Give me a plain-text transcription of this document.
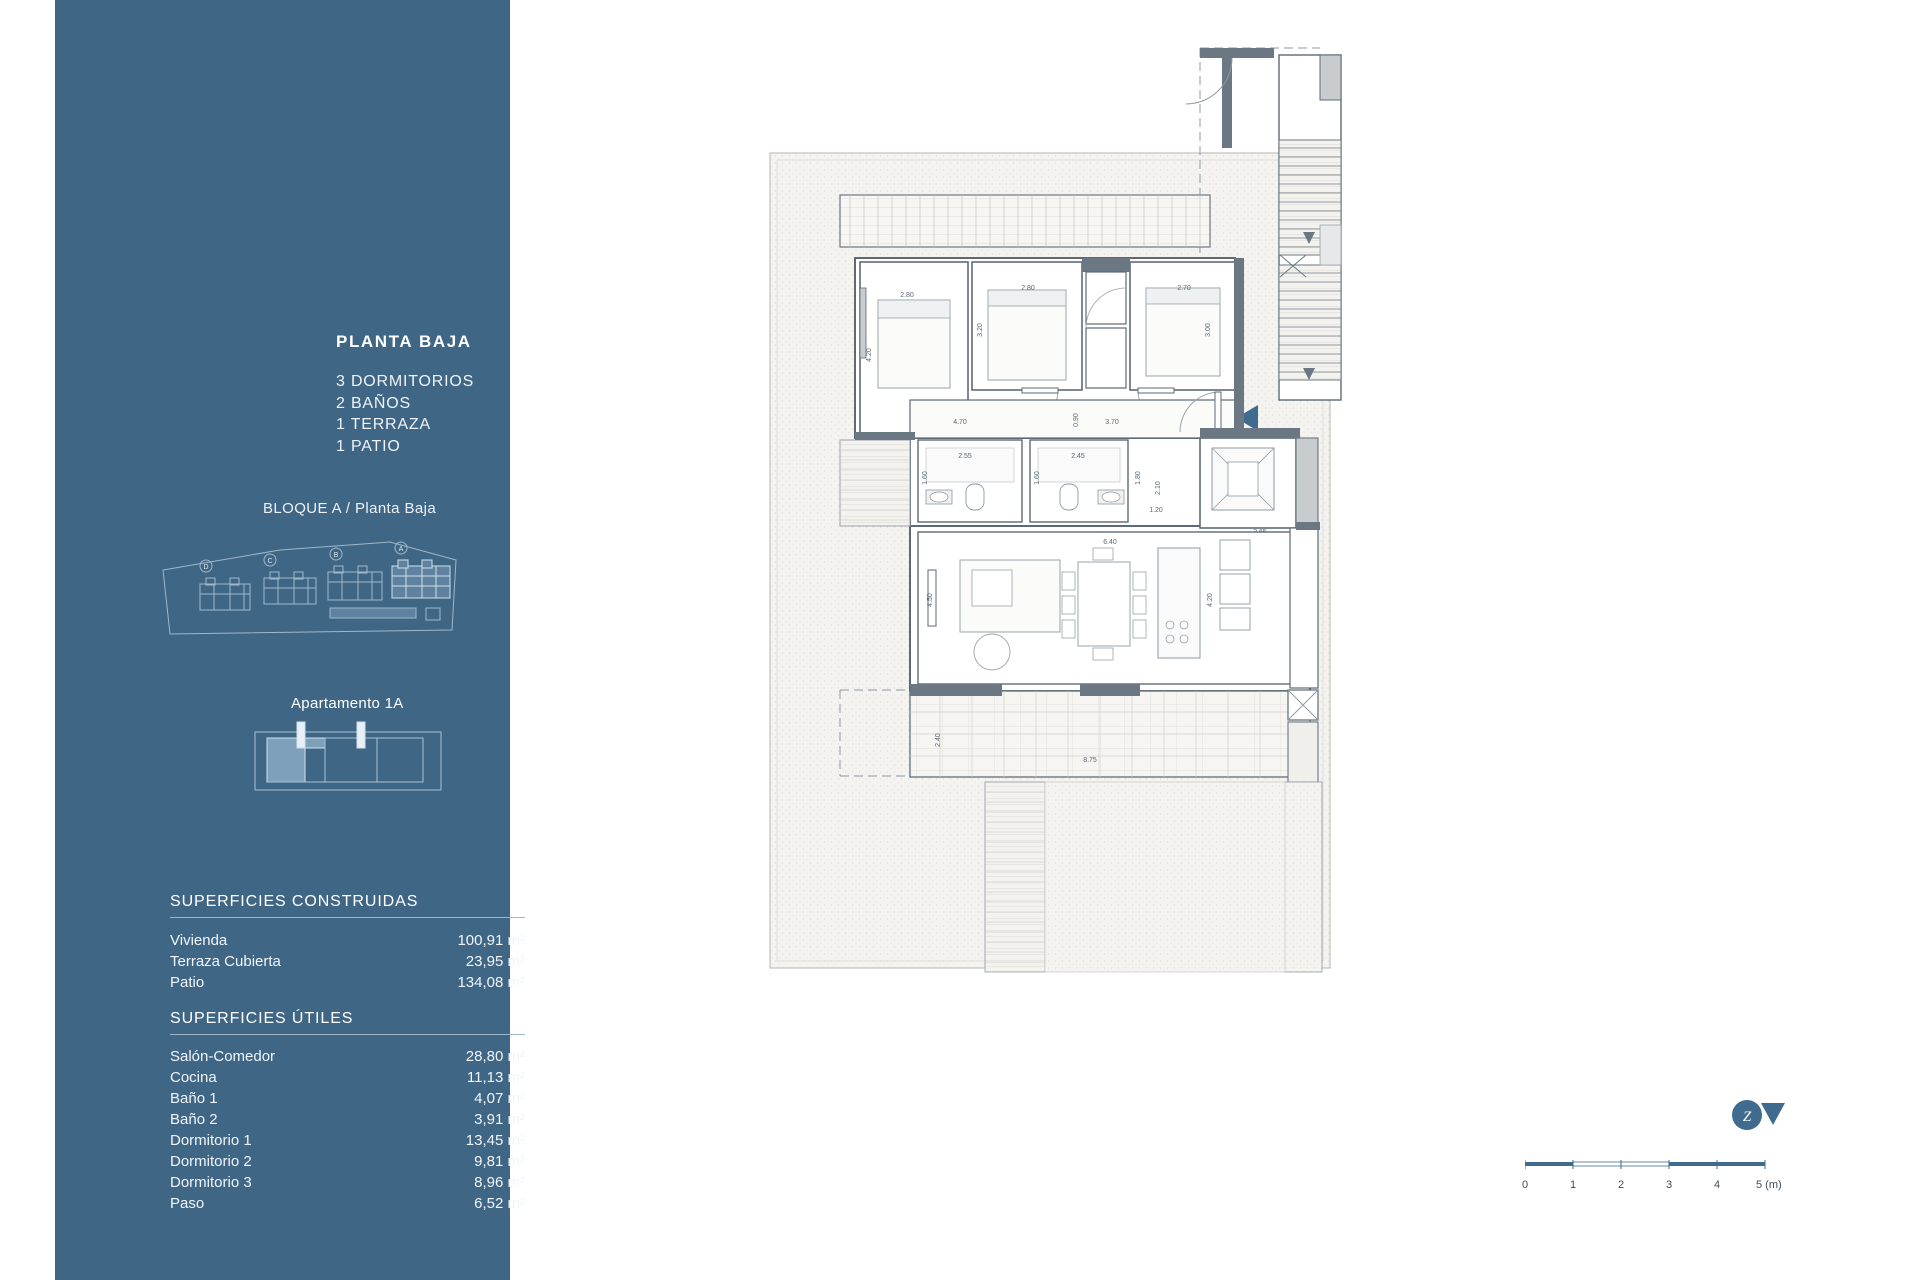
PLANTA BAJA
3 DORMITORIOS
2 BAÑOS
1 TERRAZA
1 PATIO
BLOQUE A / Planta Baja
D
C
B
A
Apartamento 1A
SUPERFICIES CONSTRUIDAS
Vivienda	100,91 m²
Terraza Cubierta	23,95 m²
Patio	134,08 m²
SUPERFICIES ÚTILES
Salón-Comedor	28,80 m²
Cocina	11,13 m²
Baño 1	4,07 m²
Baño 2	3,91 m²
Dormitorio 1	13,45 m²
Dormitorio 2	9,81 m²
Dormitorio 3	8,96 m²
Paso	6,52 m²
2.80
4.20
2.80
3.20
2.70
3.00
4.70	3.70
0.90
2.55
1.60
2.45
1.60	1.80
2.10
1.20
6.40
4.50	4.20
2.40
8.75
0	1	2	3	4	5 (m)
Z
